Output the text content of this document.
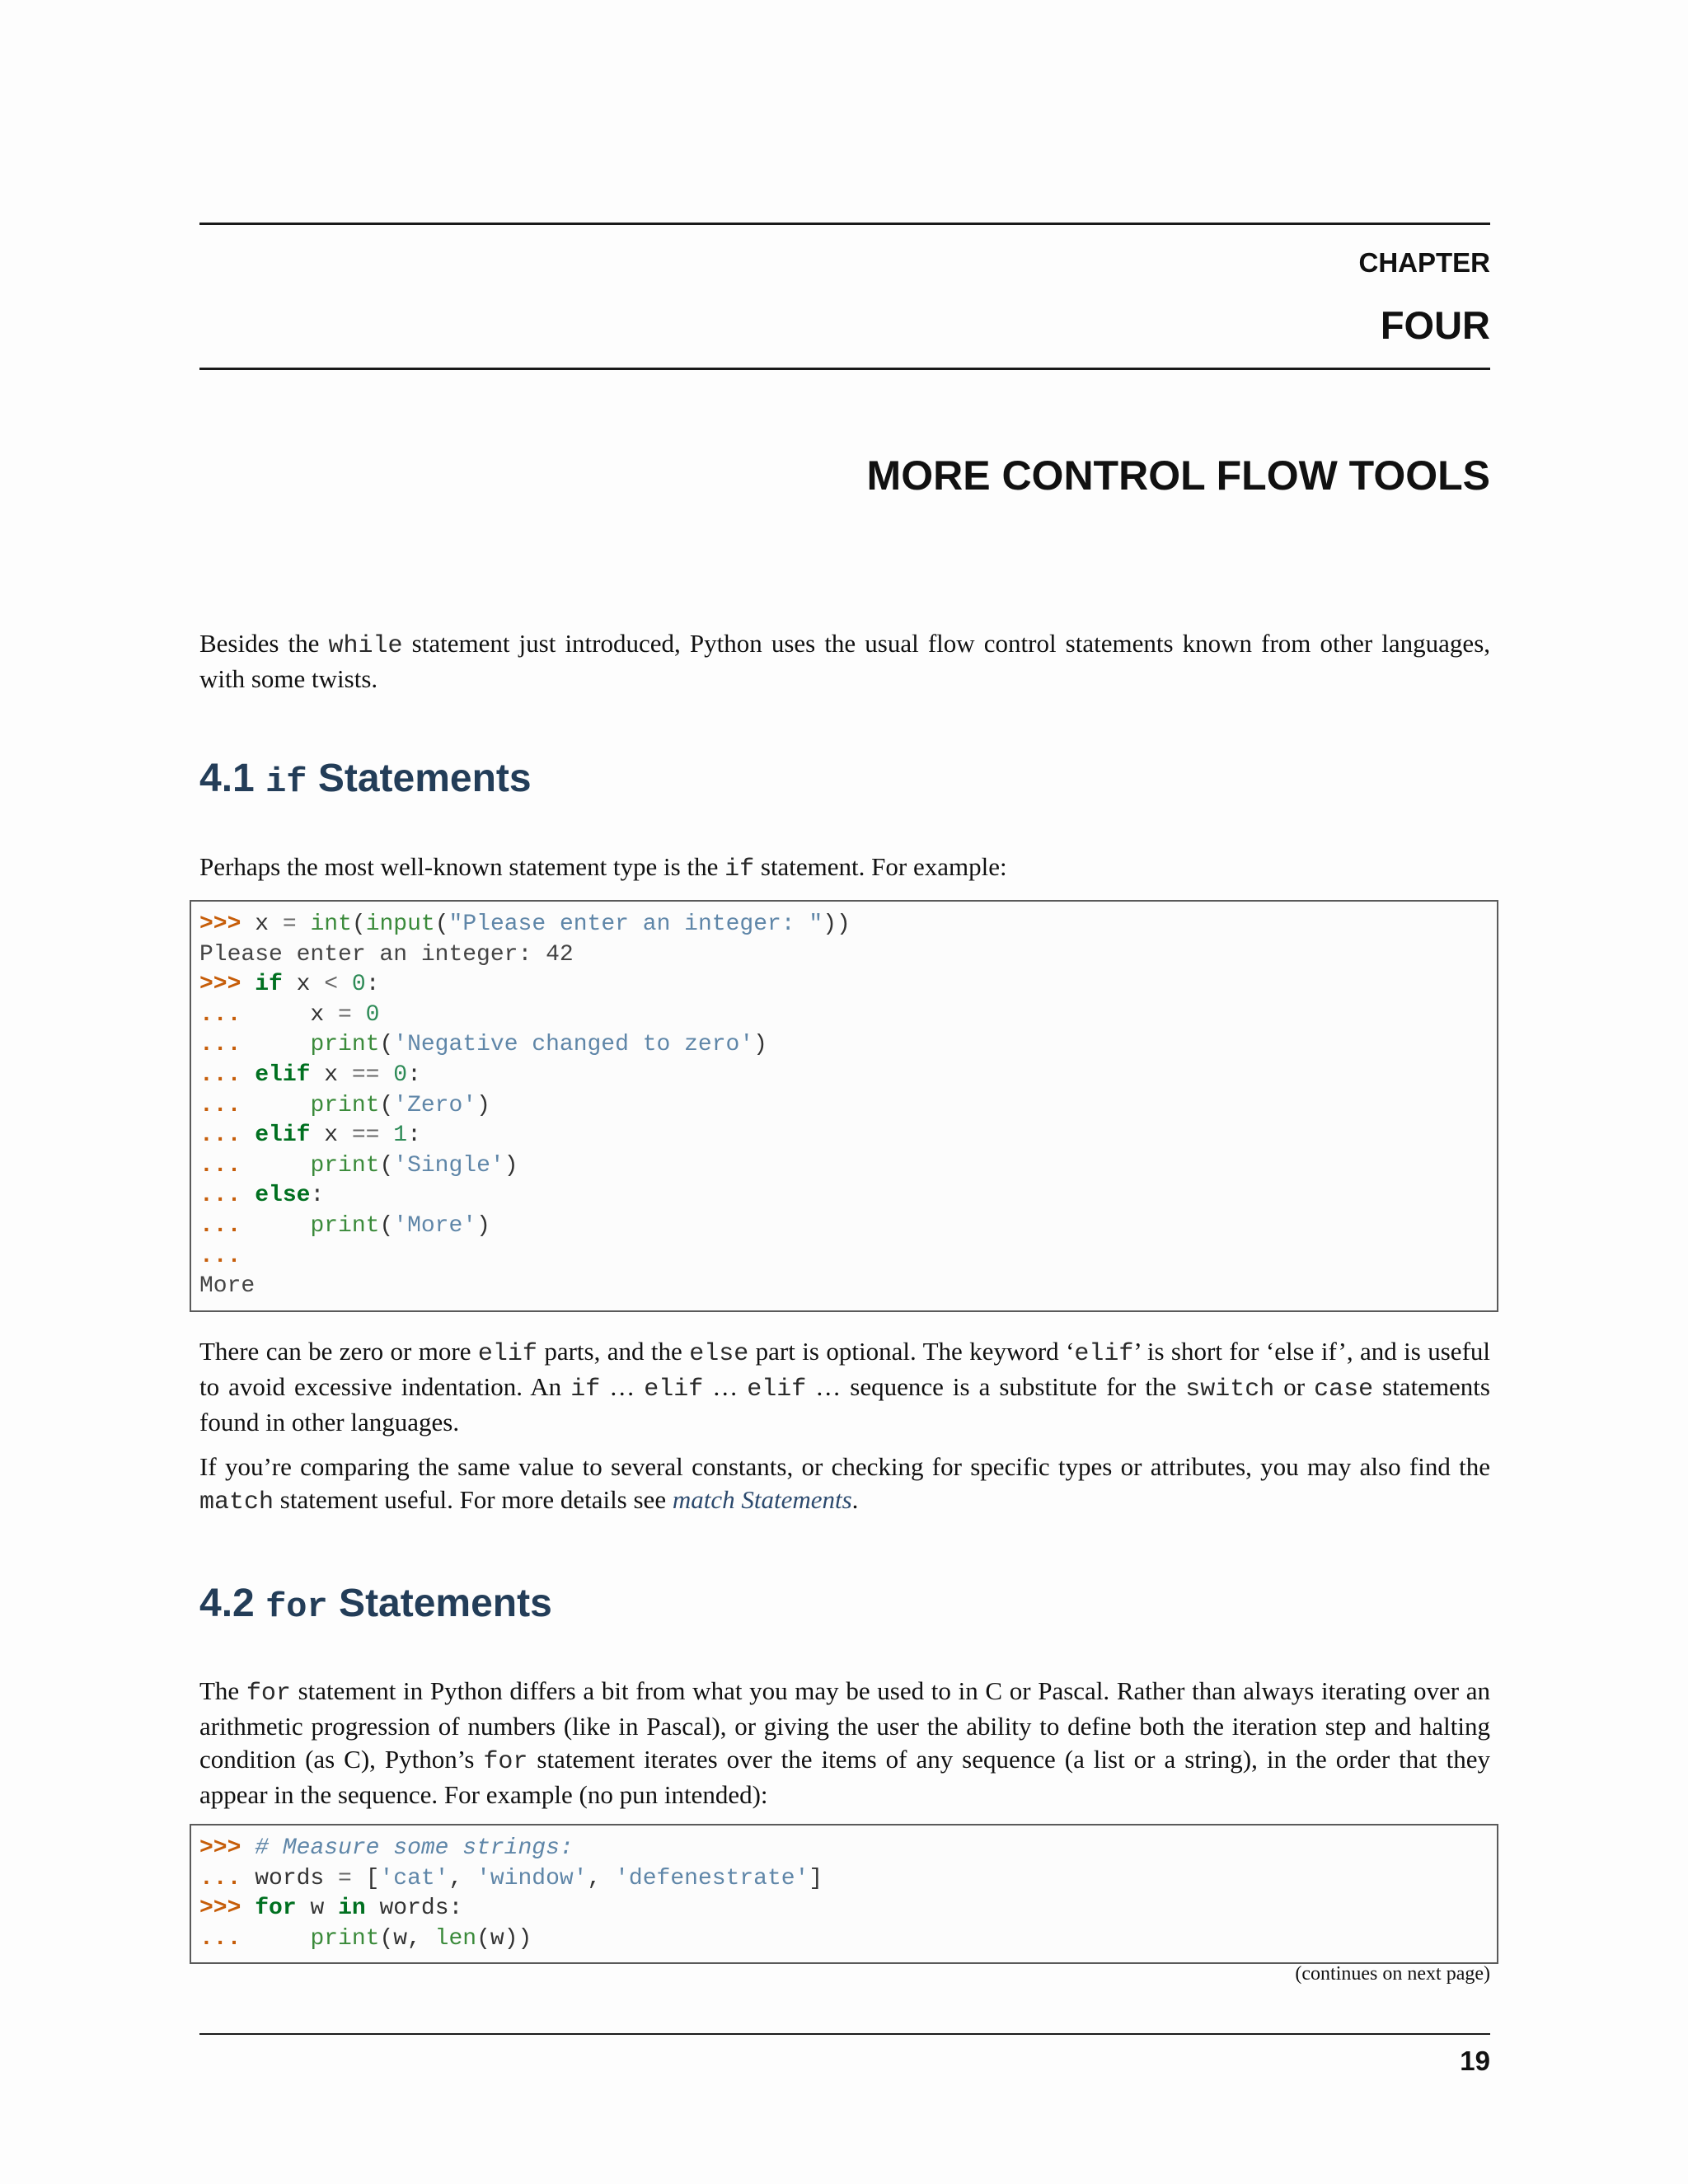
CHAPTER
FOUR
MORE CONTROL FLOW TOOLS
Besides the while statement just introduced, Python uses the usual flow control statements known from other languages, with some twists.
4.1 if Statements
Perhaps the most well-known statement type is the if statement. For example:
>>> x = int(input("Please enter an integer: "))
Please enter an integer: 42
>>> if x < 0:
...     x = 0
...	print('Negative changed to zero')
... elif x == 0:
...	print('Zero')
... elif x == 1:
...	print('Single')
... else:
...	print('More')
...
More
There can be zero or more elif parts, and the else part is optional. The keyword ‘elif’ is short for ‘else if’, and is useful to avoid excessive indentation. An if … elif … elif … sequence is a substitute for the switch or case statements found in other languages.
If you’re comparing the same value to several constants, or checking for specific types or attributes, you may also find the match statement useful. For more details see match Statements.
4.2 for Statements
The for statement in Python differs a bit from what you may be used to in C or Pascal. Rather than always iterating over an arithmetic progression of numbers (like in Pascal), or giving the user the ability to define both the iteration step and halting condition (as C), Python’s for statement iterates over the items of any sequence (a list or a string), in the order that they appear in the sequence. For example (no pun intended):
>>> # Measure some strings:
... words = ['cat', 'window', 'defenestrate']
>>> for w in words:
...	print(w, len(w))
(continues on next page)
19
